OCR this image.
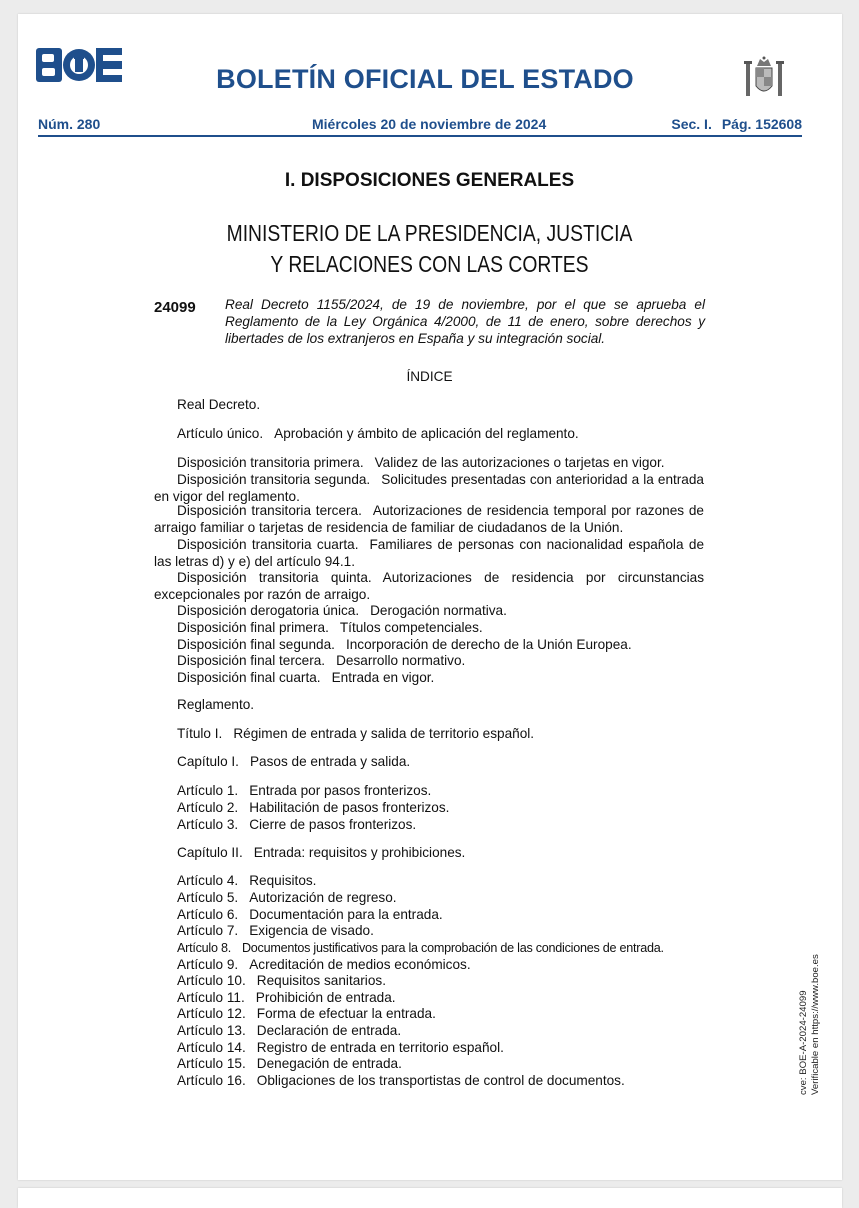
BOLETÍN OFICIAL DEL ESTADO
Núm. 280	Miércoles 20 de noviembre de 2024	Sec. I. Pág. 152608
I. DISPOSICIONES GENERALES
MINISTERIO DE LA PRESIDENCIA, JUSTICIA
Y RELACIONES CON LAS CORTES
24099 Real Decreto 1155/2024, de 19 de noviembre, por el que se aprueba el Reglamento de la Ley Orgánica 4/2000, de 11 de enero, sobre derechos y libertades de los extranjeros en España y su integración social.
ÍNDICE
Real Decreto.
Artículo único. Aprobación y ámbito de aplicación del reglamento.
Disposición transitoria primera. Validez de las autorizaciones o tarjetas en vigor.
Disposición transitoria segunda. Solicitudes presentadas con anterioridad a la entrada en vigor del reglamento.
Disposición transitoria tercera. Autorizaciones de residencia temporal por razones de arraigo familiar o tarjetas de residencia de familiar de ciudadanos de la Unión.
Disposición transitoria cuarta. Familiares de personas con nacionalidad española de las letras d) y e) del artículo 94.1.
Disposición transitoria quinta. Autorizaciones de residencia por circunstancias excepcionales por razón de arraigo.
Disposición derogatoria única. Derogación normativa.
Disposición final primera. Títulos competenciales.
Disposición final segunda. Incorporación de derecho de la Unión Europea.
Disposición final tercera. Desarrollo normativo.
Disposición final cuarta. Entrada en vigor.
Reglamento.
Título I. Régimen de entrada y salida de territorio español.
Capítulo I. Pasos de entrada y salida.
Artículo 1. Entrada por pasos fronterizos.
Artículo 2. Habilitación de pasos fronterizos.
Artículo 3. Cierre de pasos fronterizos.
Capítulo II. Entrada: requisitos y prohibiciones.
Artículo 4. Requisitos.
Artículo 5. Autorización de regreso.
Artículo 6. Documentación para la entrada.
Artículo 7. Exigencia de visado.
Artículo 8. Documentos justificativos para la comprobación de las condiciones de entrada.
Artículo 9. Acreditación de medios económicos.
Artículo 10. Requisitos sanitarios.
Artículo 11. Prohibición de entrada.
Artículo 12. Forma de efectuar la entrada.
Artículo 13. Declaración de entrada.
Artículo 14. Registro de entrada en territorio español.
Artículo 15. Denegación de entrada.
Artículo 16. Obligaciones de los transportistas de control de documentos.	cve: BOE-A-2024-24099 Verificable en https://www.boe.es
